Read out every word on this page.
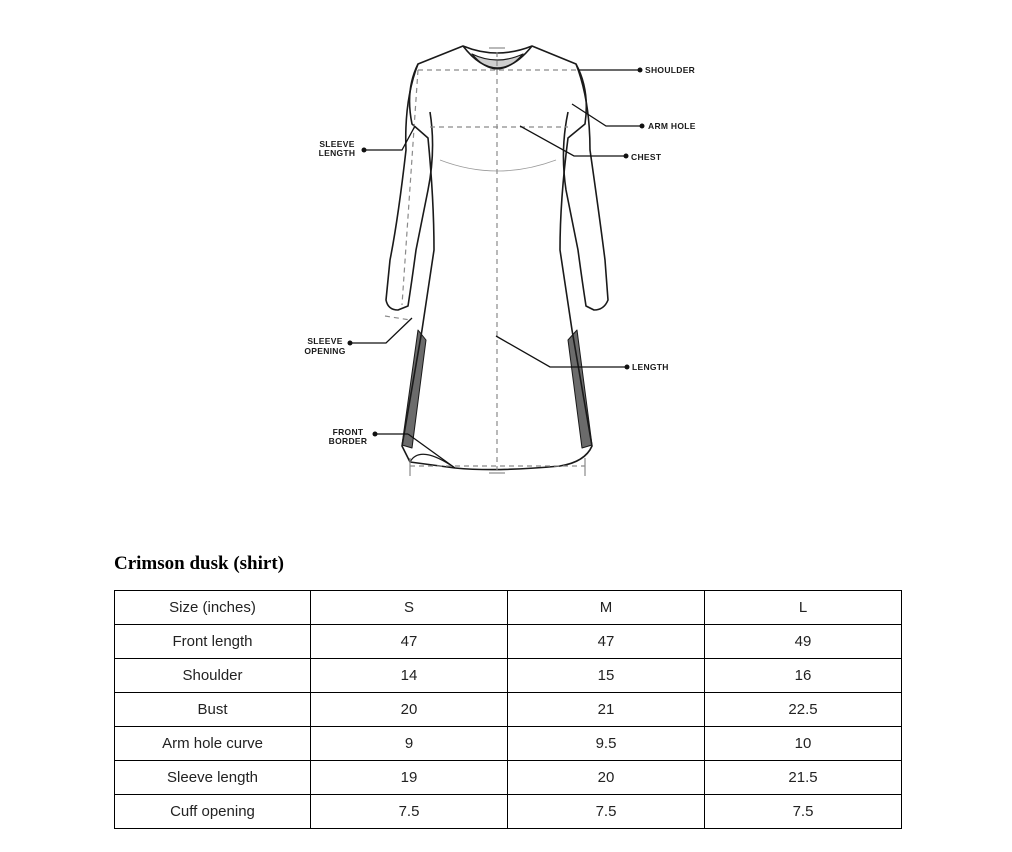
SHOULDER
ARM HOLE
CHEST
LENGTH
SLEEVE
LENGTH
SLEEVE
OPENING
FRONT
BORDER
Crimson dusk (shirt)
Size (inches)	S	M	L
Front length	47	47	49
Shoulder	14	15	16
Bust	20	21	22.5
Arm hole curve	9	9.5	10
Sleeve length	19	20	21.5
Cuff opening	7.5	7.5	7.5
